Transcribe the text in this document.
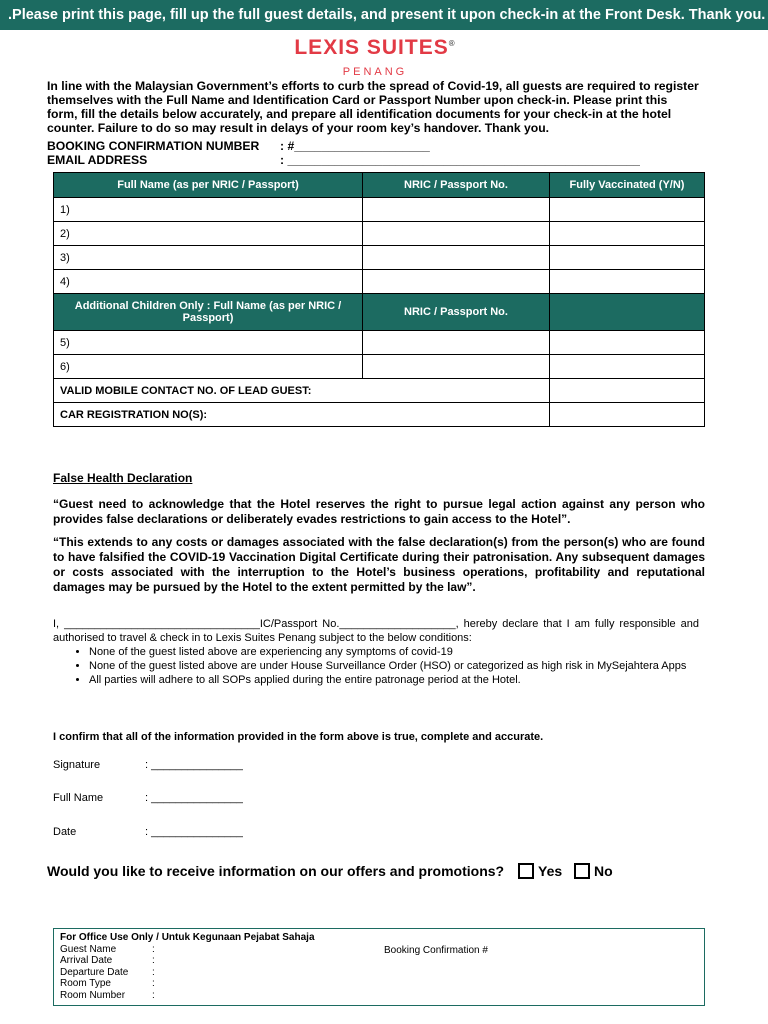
.Please print this page, fill up the full guest details, and present it upon check-in at the Front Desk. Thank you.
LEXIS SUITES®
PENANG
In line with the Malaysian Government’s efforts to curb the spread of Covid-19, all guests are required to register themselves with the Full Name and Identification Card or Passport Number upon check-in. Please print this form, fill the details below accurately, and prepare all identification documents for your check-in at the hotel counter. Failure to do so may result in delays of your room key’s handover. Thank you.
BOOKING CONFIRMATION NUMBER : #____________________
EMAIL ADDRESS	: ____________________________________________________
Full Name (as per NRIC / Passport)	NRIC / Passport No.	Fully Vaccinated (Y/N)
1)		
2)		
3)		
4)		
Additional Children Only : Full Name (as per NRIC / Passport)	NRIC / Passport No.	
5)		
6)		
VALID MOBILE CONTACT NO. OF LEAD GUEST:		
CAR REGISTRATION NO(S):		
False Health Declaration
“Guest need to acknowledge that the Hotel reserves the right to pursue legal action against any person who provides false declarations or deliberately evades restrictions to gain access to the Hotel”.
“This extends to any costs or damages associated with the false declaration(s) from the person(s) who are found to have falsified the COVID-19 Vaccination Digital Certificate during their patronisation. Any subsequent damages or costs associated with the interruption to the Hotel’s business operations, profitability and reputational damages may be pursued by the Hotel to the extent permitted by the law”.
I, ________________________________IC/Passport No.___________________, hereby declare that I am fully responsible and authorised to travel & check in to Lexis Suites Penang subject to the below conditions:
• None of the guest listed above are experiencing any symptoms of covid-19
• None of the guest listed above are under House Surveillance Order (HSO) or categorized as high risk in MySejahtera Apps
• All parties will adhere to all SOPs applied during the entire patronage period at the Hotel.
I confirm that all of the information provided in the form above is true, complete and accurate.
Signature	: _______________
Full Name	: _______________
Date	: _______________
Would you like to receive information on our offers and promotions? Yes No
For Office Use Only / Untuk Kegunaan Pejabat Sahaja
Guest Name	:
Arrival Date	:
Departure Date :
Room Type	:
Room Number	:
Booking Confirmation #
